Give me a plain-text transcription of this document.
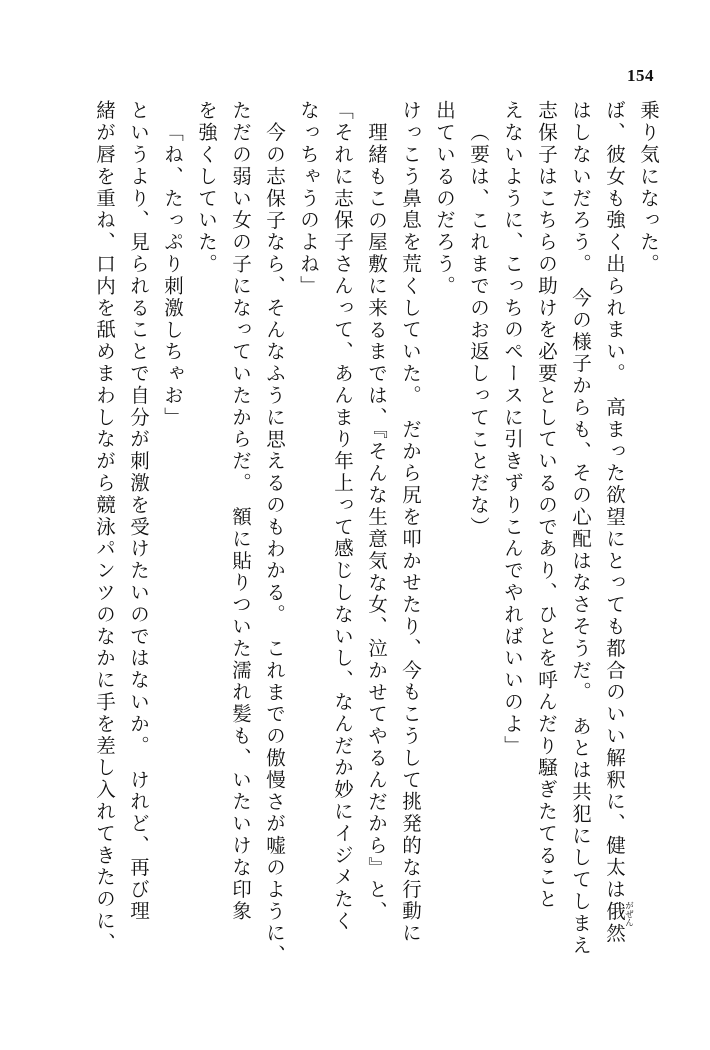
154
乗り気になった。
ば、彼女も強く出られまい。　高まった欲望にとっても都合のいい解釈に、健太は俄然
がぜん
はしないだろう。　今の様子からも、その心配はなさそうだ。　あとは共犯にしてしまえ
志保子はこちらの助けを必要としているのであり、ひとを呼んだり騒ぎたてること
えないように、こっちのペースに引きずりこんでやればいいのよ」
（要は、これまでのお返しってことだな）
出ているのだろう。
けっこう鼻息を荒くしていた。　だから尻を叩かせたり、今もこうして挑発的な行動に
理緒もこの屋敷に来るまでは、『そんな生意気な女、泣かせてやるんだから』と、
「それに志保子さんって、あんまり年上って感じしないし、なんだか妙にイジメたく
なっちゃうのよね」
今の志保子なら、そんなふうに思えるのもわかる。　これまでの傲慢さが嘘のように、
ただの弱い女の子になっていたからだ。　額に貼りついた濡れ髪も、いたいけな印象
を強くしていた。
「ね、たっぷり刺激しちゃお」
というより、見られることで自分が刺激を受けたいのではないか。　けれど、再び理
緒が唇を重ね、口内を舐めまわしながら競泳パンツのなかに手を差し入れてきたのに、
